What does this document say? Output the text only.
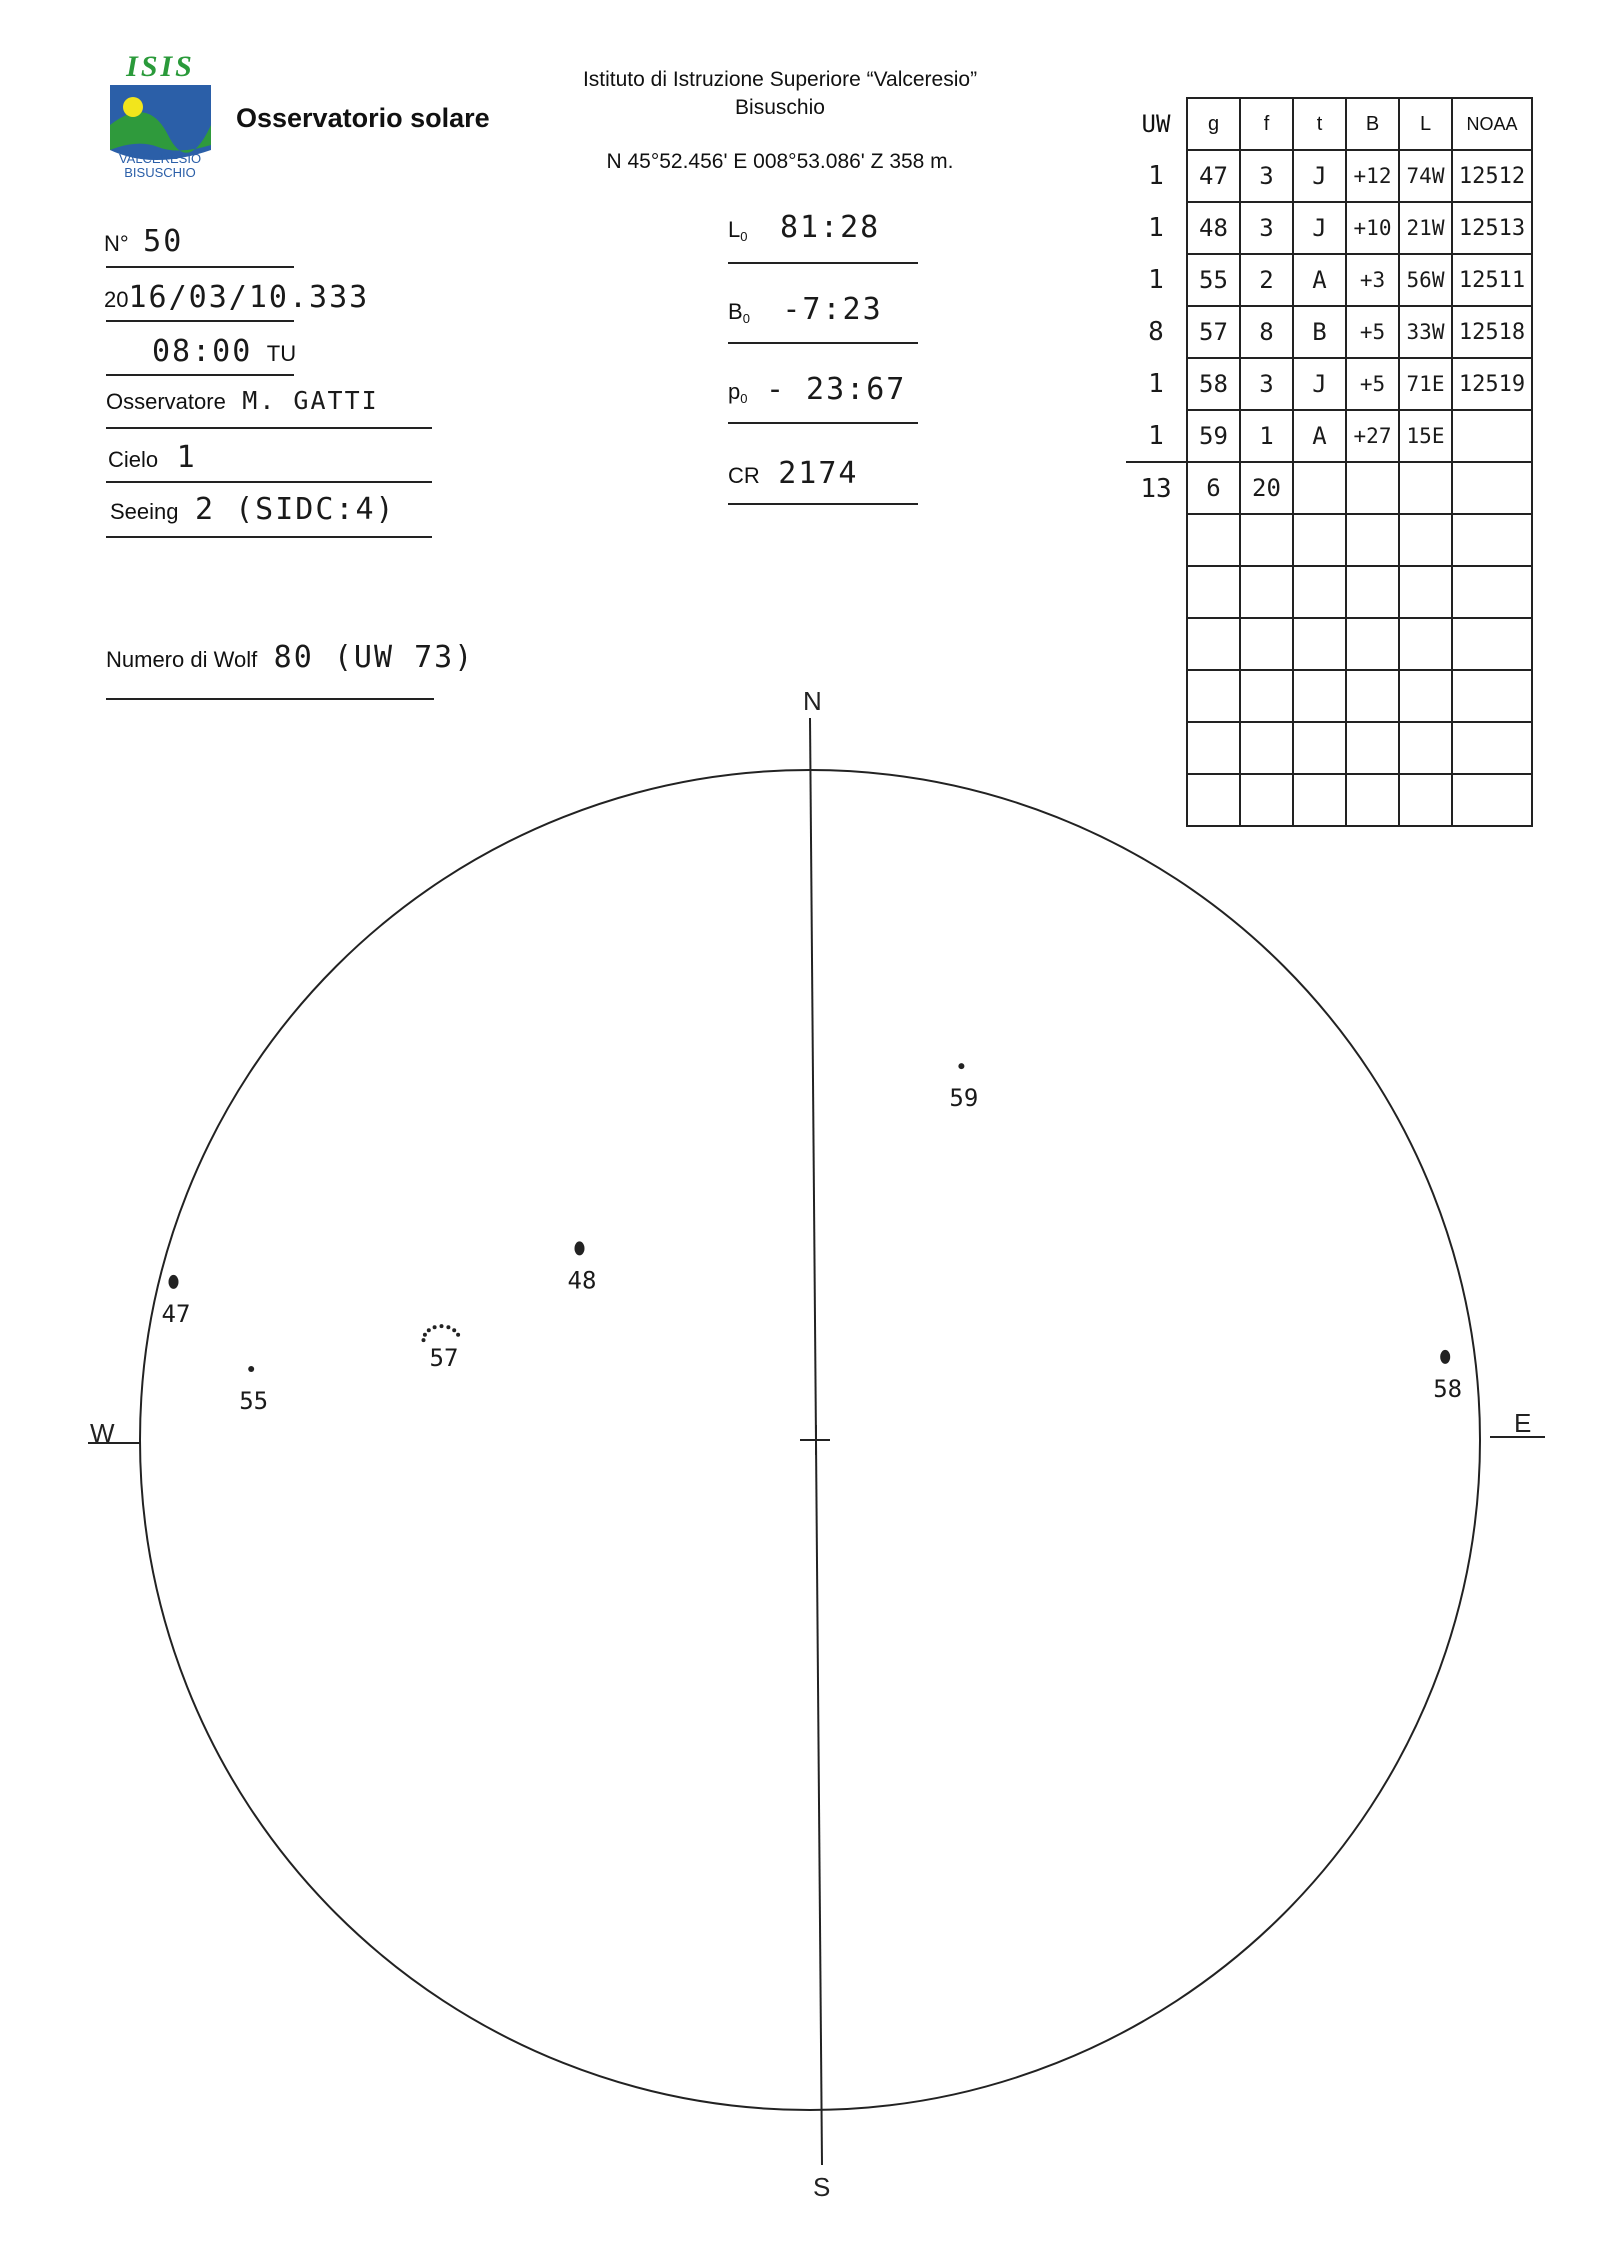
ISIS
VALCERESIO
BISUSCHIO
Osservatorio solare
Istituto di Istruzione Superiore “Valceresio”
Bisuschio
N 45°52.456' E 008°53.086' Z 358 m.
N° 50
2016/03/10.333
08:00 TU
Osservatore M. GATTI
Cielo 1
Seeing 2 (SIDC:4)
Numero di Wolf 80 (UW 73)
$L_0$ 81:28
$B_0$ -7:23
$p_0$ - 23:67
CR 2174
UW	g	f	t	B	L	NOAA
1	47	3	J	+12	74W	12512
1	48	3	J	+10	21W	12513
1	55	2	A	+3	56W	12511
8	57	8	B	+5	33W	12518
1	58	3	J	+5	71E	12519
1	59	1	A	+27	15E	
13	6	20				

N
S
E
W
47
48
55
57
58
59
